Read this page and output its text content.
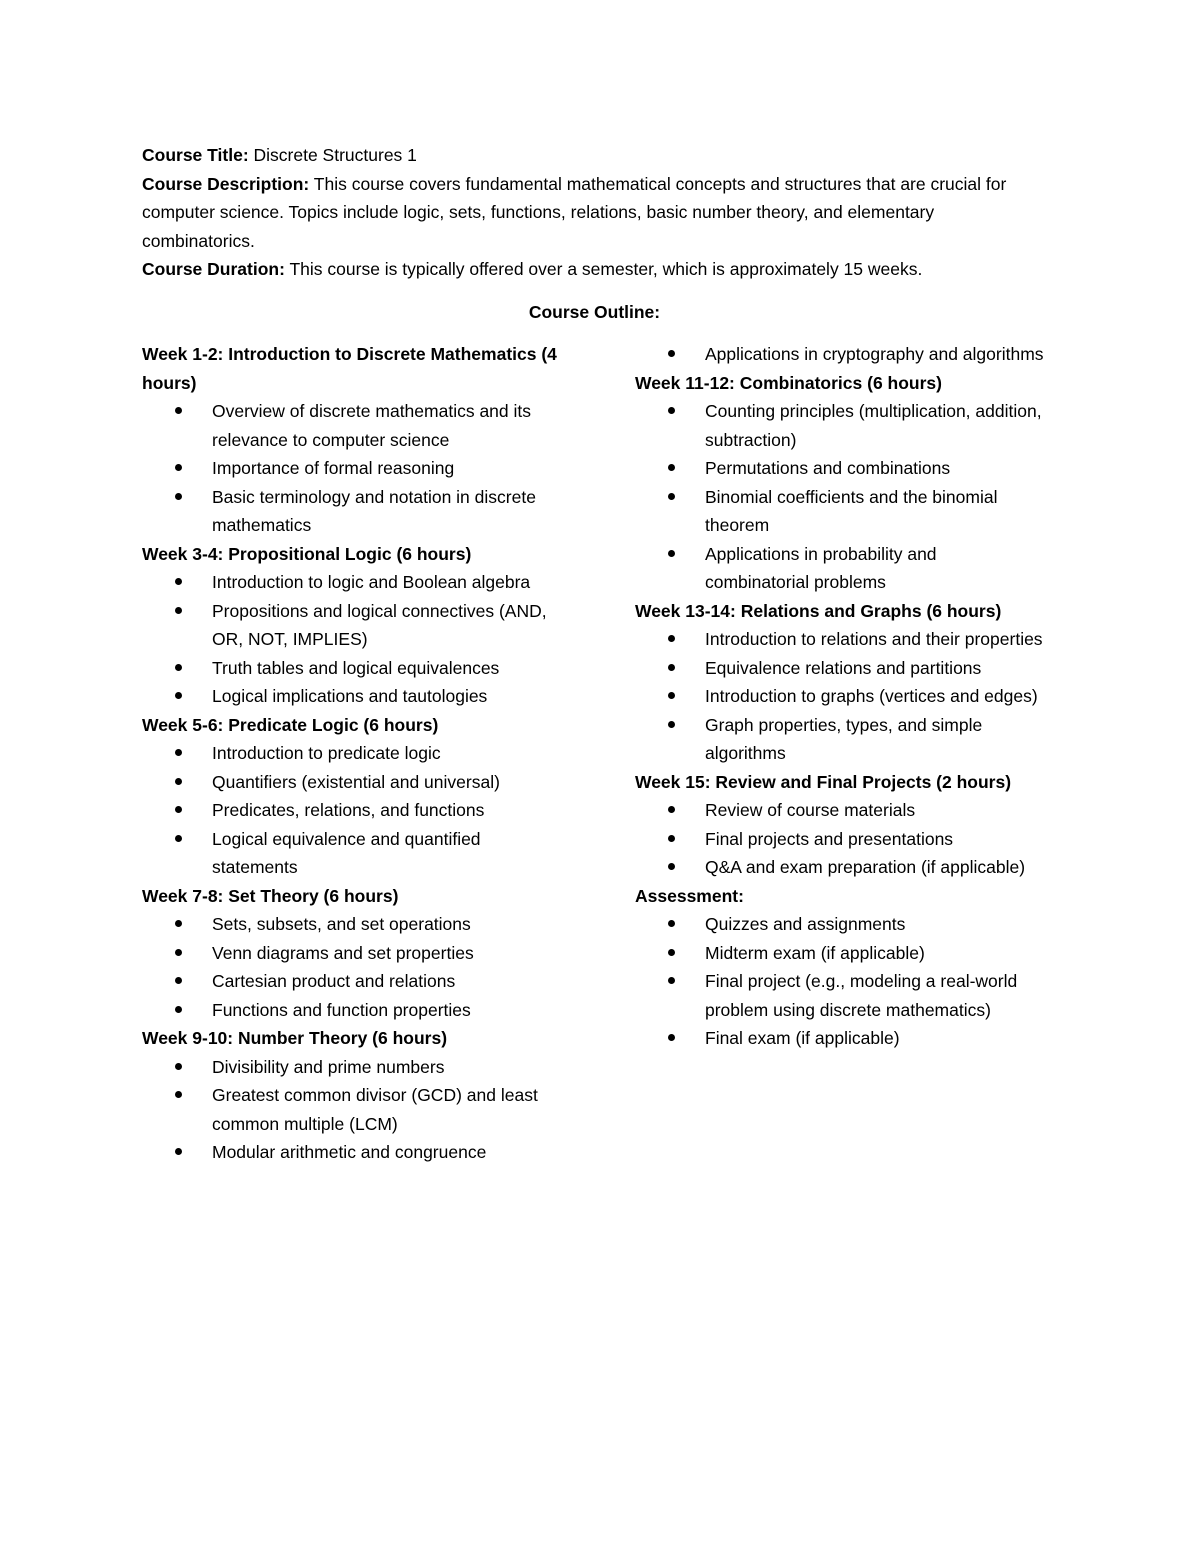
Course Title: Discrete Structures 1

Course Description: This course covers fundamental mathematical concepts and structures that are crucial for computer science. Topics include logic, sets, functions, relations, basic number theory, and elementary combinatorics.

Course Duration: This course is typically offered over a semester, which is approximately 15 weeks.

Course Outline:
Week 1-2: Introduction to Discrete Mathematics (4 hours)
Overview of discrete mathematics and its relevance to computer science
Importance of formal reasoning
Basic terminology and notation in discrete mathematics
Week 3-4: Propositional Logic (6 hours)
Introduction to logic and Boolean algebra
Propositions and logical connectives (AND, OR, NOT, IMPLIES)
Truth tables and logical equivalences
Logical implications and tautologies
Week 5-6: Predicate Logic (6 hours)
Introduction to predicate logic
Quantifiers (existential and universal)
Predicates, relations, and functions
Logical equivalence and quantified statements
Week 7-8: Set Theory (6 hours)
Sets, subsets, and set operations
Venn diagrams and set properties
Cartesian product and relations
Functions and function properties
Week 9-10: Number Theory (6 hours)
Divisibility and prime numbers
Greatest common divisor (GCD) and least common multiple (LCM)
Modular arithmetic and congruence
Applications in cryptography and algorithms
Week 11-12: Combinatorics (6 hours)
Counting principles (multiplication, addition, subtraction)
Permutations and combinations
Binomial coefficients and the binomial theorem
Applications in probability and combinatorial problems
Week 13-14: Relations and Graphs (6 hours)
Introduction to relations and their properties
Equivalence relations and partitions
Introduction to graphs (vertices and edges)
Graph properties, types, and simple algorithms
Week 15: Review and Final Projects (2 hours)
Review of course materials
Final projects and presentations
Q&A and exam preparation (if applicable)
Assessment:
Quizzes and assignments
Midterm exam (if applicable)
Final project (e.g., modeling a real-world problem using discrete mathematics)
Final exam (if applicable)
